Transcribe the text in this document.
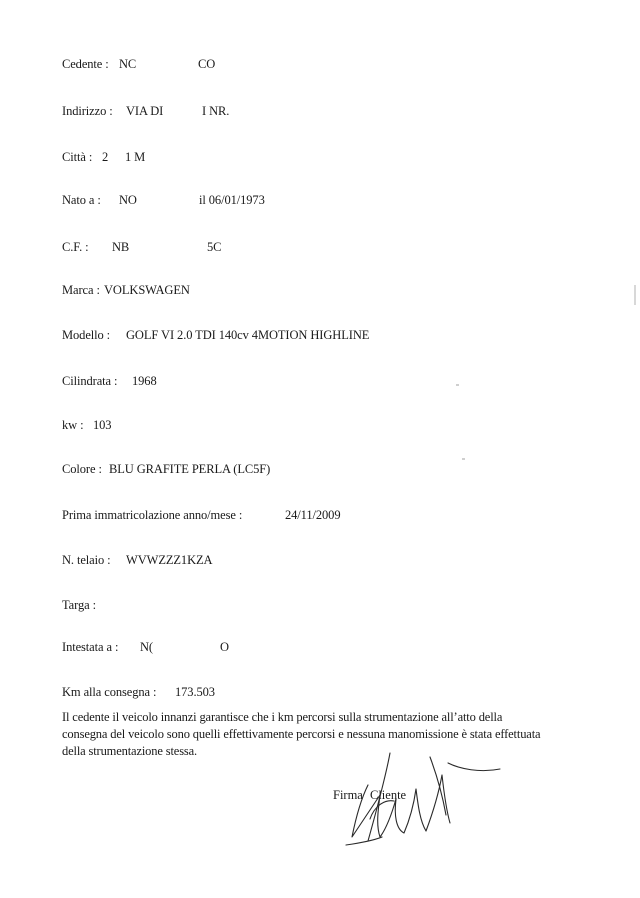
Cedente : NC	CO
Indirizzo : VIA DI	I NR.
Città : 2 1 M
Nato a : NO	il 06/01/1973
C.F. : NB	5C
Marca : VOLKSWAGEN
Modello : GOLF VI 2.0 TDI 140cv 4MOTION HIGHLINE
Cilindrata : 1968
kw : 103
Colore : BLU GRAFITE PERLA (LC5F)
Prima immatricolazione anno/mese :	24/11/2009
N. telaio : WVWZZZ1KZA
Targa :
Intestata a : N(	O
Km alla consegna : 173.503
Il cedente il veicolo innanzi garantisce che i km percorsi sulla strumentazione all’atto della
consegna del veicolo sono quelli effettivamente percorsi e nessuna manomissione è stata effettuata
della strumentazione stessa.
Firma Cliente
